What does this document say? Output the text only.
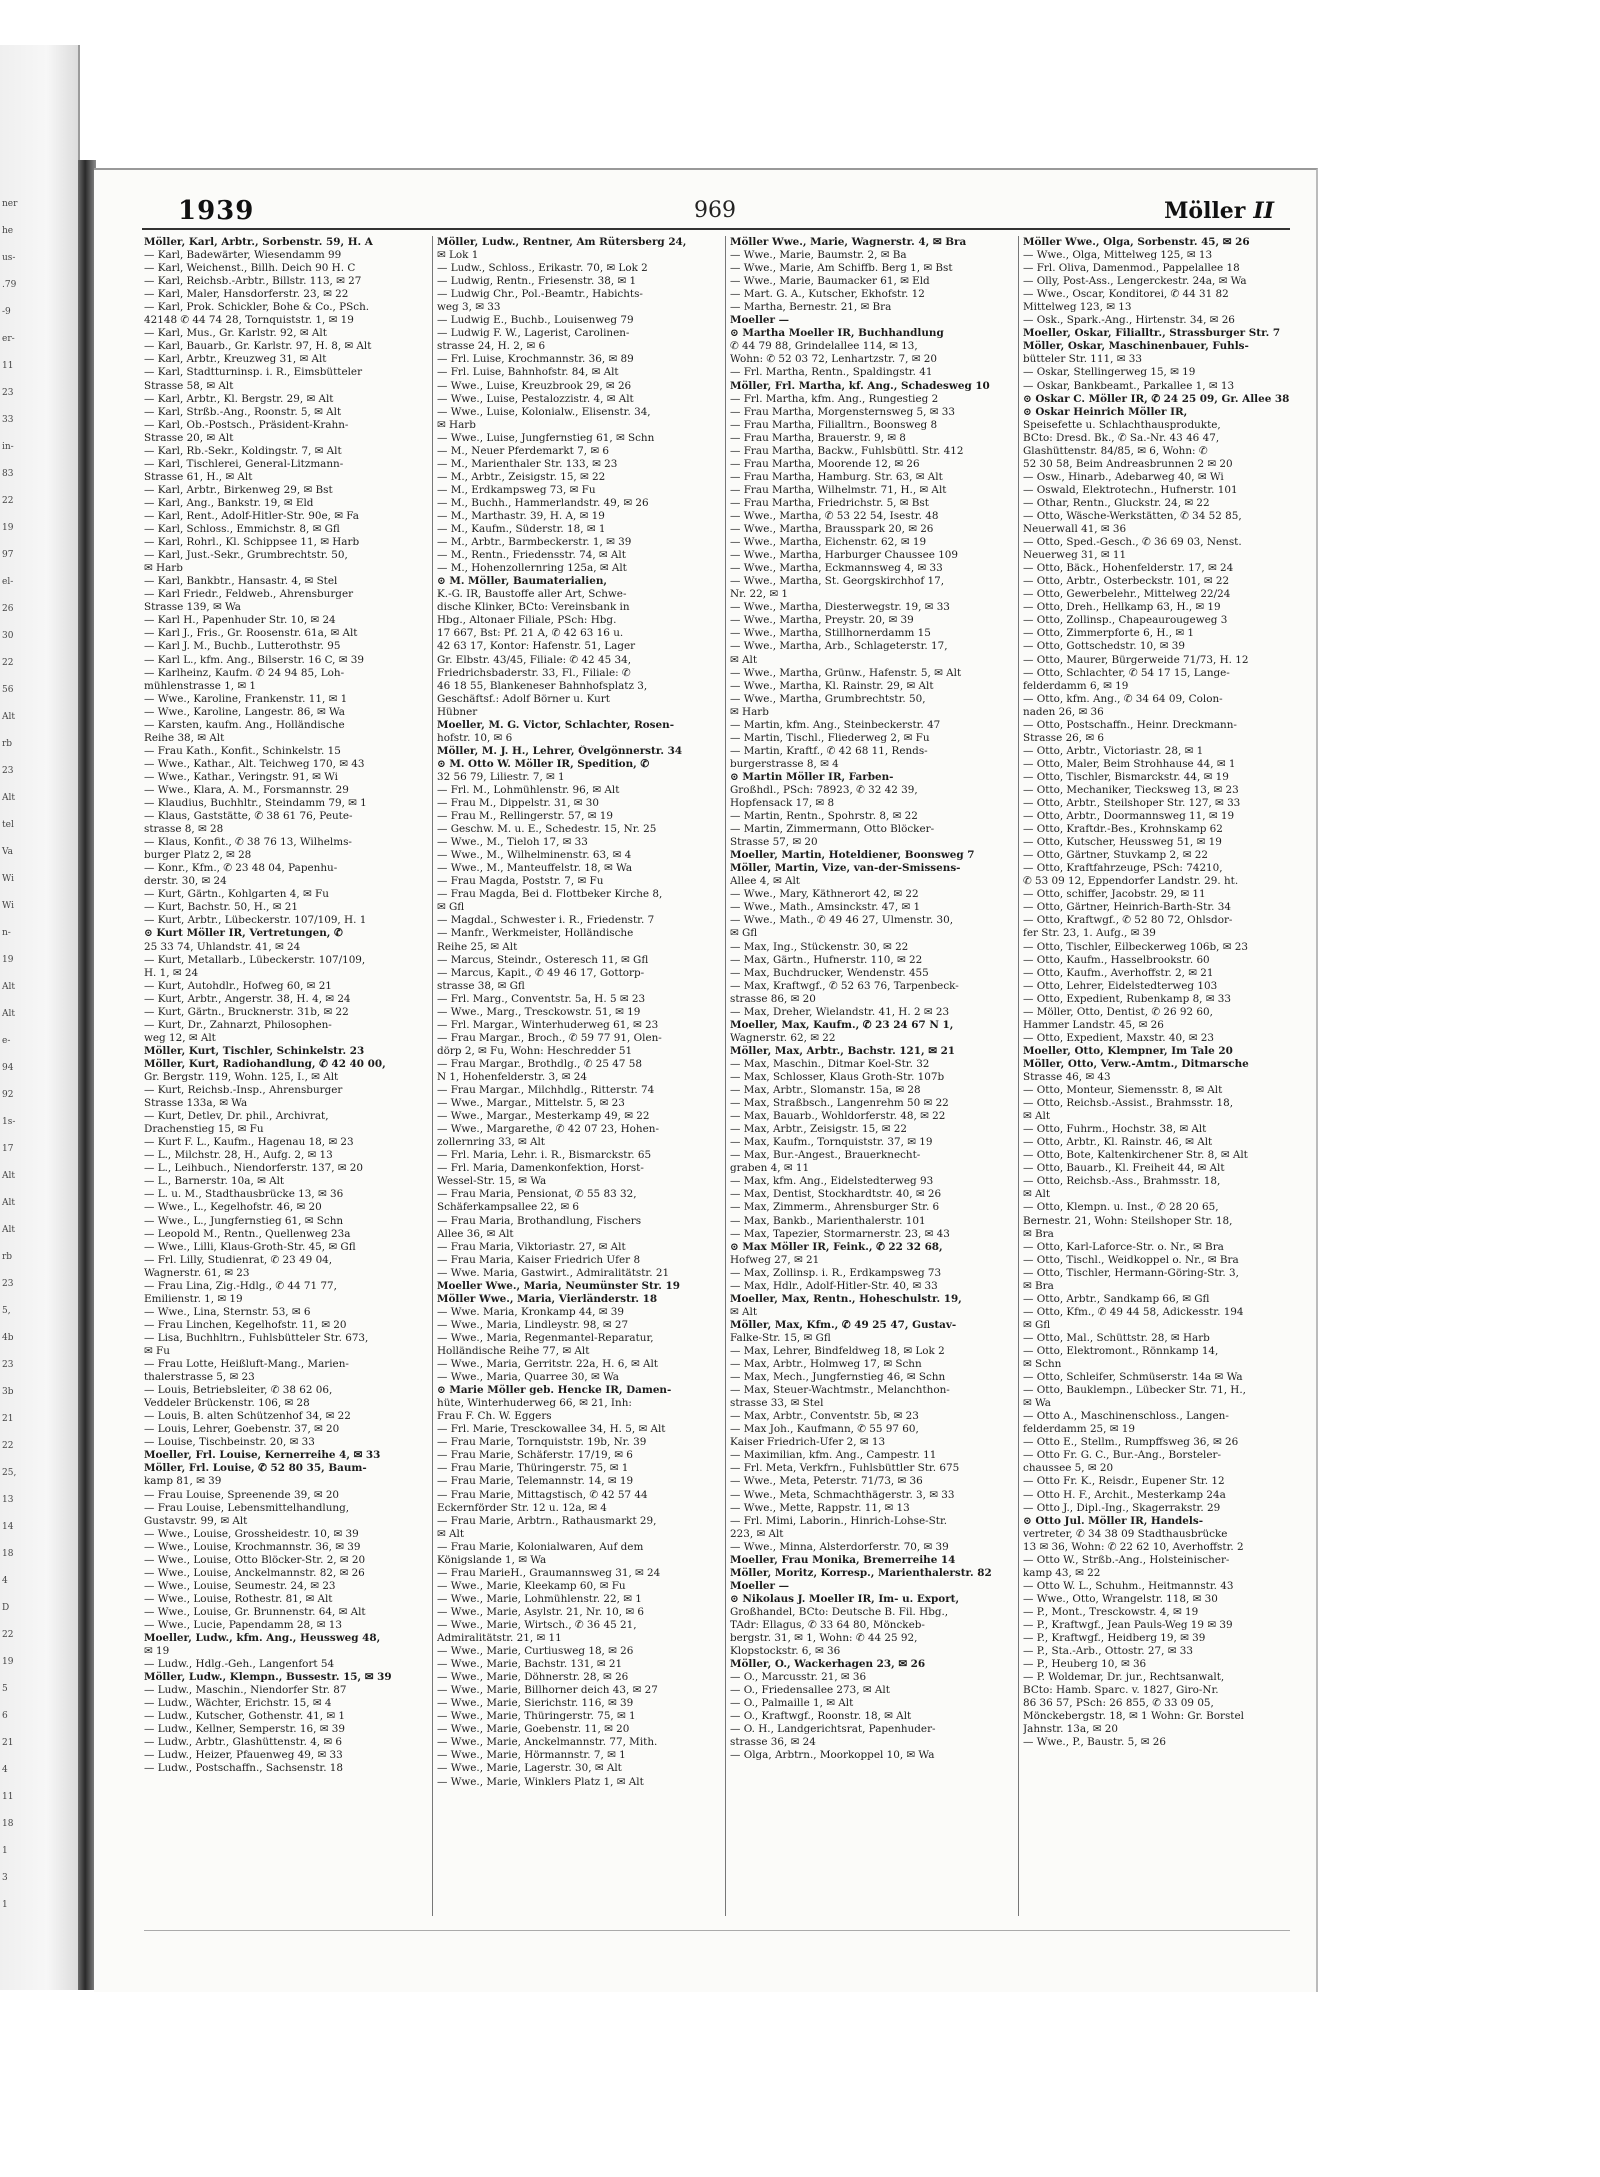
ner
he
us-
.79
-9
er-
11
23
33
in-
83
22
19
97
el-
26
30
22
56
Alt
rb
23
Alt
tel
Va
Wi
Wi
n-
19
Alt
Alt
e-
94
92
1s-
17
Alt
Alt
Alt
rb
23
5,
4b
23
3b
21
22
25,
13
14
18
4
D
22
19
5
6
21
4
11
18
1
3
1
1939	969	Möller II
Möller, Karl, Arbtr., Sorbenstr. 59, H. A
— Karl, Badewärter, Wiesendamm 99
— Karl, Weichenst., Billh. Deich 90 H. C
— Karl, Reichsb.-Arbtr., Billstr. 113, ✉ 27
— Karl, Maler, Hansdorferstr. 23, ✉ 22
— Karl, Prok. Schickler, Bohe & Co., PSch.
42148 ✆ 44 74 28, Tornquiststr. 1, ✉ 19
— Karl, Mus., Gr. Karlstr. 92, ✉ Alt
— Karl, Bauarb., Gr. Karlstr. 97, H. 8, ✉ Alt
— Karl, Arbtr., Kreuzweg 31, ✉ Alt
— Karl, Stadtturninsp. i. R., Eimsbütteler
Strasse 58, ✉ Alt
— Karl, Arbtr., Kl. Bergstr. 29, ✉ Alt
— Karl, Strßb.-Ang., Roonstr. 5, ✉ Alt
— Karl, Ob.-Postsch., Präsident-Krahn-
Strasse 20, ✉ Alt
— Karl, Rb.-Sekr., Koldingstr. 7, ✉ Alt
— Karl, Tischlerei, General-Litzmann-
Strasse 61, H., ✉ Alt
— Karl, Arbtr., Birkenweg 29, ✉ Bst
— Karl, Ang., Bankstr. 19, ✉ Eld
— Karl, Rent., Adolf-Hitler-Str. 90e, ✉ Fa
— Karl, Schloss., Emmichstr. 8, ✉ Gfl
— Karl, Rohrl., Kl. Schippsee 11, ✉ Harb
— Karl, Just.-Sekr., Grumbrechtstr. 50,
✉ Harb
— Karl, Bankbtr., Hansastr. 4, ✉ Stel
— Karl Friedr., Feldweb., Ahrensburger
Strasse 139, ✉ Wa
— Karl H., Papenhuder Str. 10, ✉ 24
— Karl J., Fris., Gr. Roosenstr. 61a, ✉ Alt
— Karl J. M., Buchb., Lutterothstr. 95
— Karl L., kfm. Ang., Bilserstr. 16 C, ✉ 39
— Karlheinz, Kaufm. ✆ 24 94 85, Loh-
mühlenstrasse 1, ✉ 1
— Wwe., Karoline, Frankenstr. 11, ✉ 1
— Wwe., Karoline, Langestr. 86, ✉ Wa
— Karsten, kaufm. Ang., Holländische
Reihe 38, ✉ Alt
— Frau Kath., Konfit., Schinkelstr. 15
— Wwe., Kathar., Alt. Teichweg 170, ✉ 43
— Wwe., Kathar., Veringstr. 91, ✉ Wi
— Wwe., Klara, A. M., Forsmannstr. 29
— Klaudius, Buchhltr., Steindamm 79, ✉ 1
— Klaus, Gaststätte, ✆ 38 61 76, Peute-
strasse 8, ✉ 28
— Klaus, Konfit., ✆ 38 76 13, Wilhelms-
burger Platz 2, ✉ 28
— Konr., Kfm., ✆ 23 48 04, Papenhu-
derstr. 30, ✉ 24
— Kurt, Gärtn., Kohlgarten 4, ✉ Fu
— Kurt, Bachstr. 50, H., ✉ 21
— Kurt, Arbtr., Lübeckerstr. 107/109, H. 1
⊙ Kurt Möller IR, Vertretungen, ✆
25 33 74, Uhlandstr. 41, ✉ 24
— Kurt, Metallarb., Lübeckerstr. 107/109,
H. 1, ✉ 24
— Kurt, Autohdlr., Hofweg 60, ✉ 21
— Kurt, Arbtr., Angerstr. 38, H. 4, ✉ 24
— Kurt, Gärtn., Brucknerstr. 31b, ✉ 22
— Kurt, Dr., Zahnarzt, Philosophen-
weg 12, ✉ Alt
Möller, Kurt, Tischler, Schinkelstr. 23
Möller, Kurt, Radiohandlung, ✆ 42 40 00,
Gr. Bergstr. 119, Wohn. 125, I., ✉ Alt
— Kurt, Reichsb.-Insp., Ahrensburger
Strasse 133a, ✉ Wa
— Kurt, Detlev, Dr. phil., Archivrat,
Drachenstieg 15, ✉ Fu
— Kurt F. L., Kaufm., Hagenau 18, ✉ 23
— L., Milchstr. 28, H., Aufg. 2, ✉ 13
— L., Leihbuch., Niendorferstr. 137, ✉ 20
— L., Barnerstr. 10a, ✉ Alt
— L. u. M., Stadthausbrücke 13, ✉ 36
— Wwe., L., Kegelhofstr. 46, ✉ 20
— Wwe., L., Jungfernstieg 61, ✉ Schn
— Leopold M., Rentn., Quellenweg 23a
— Wwe., Lilli, Klaus-Groth-Str. 45, ✉ Gfl
— Frl. Lilly, Studienrat, ✆ 23 49 04,
Wagnerstr. 61, ✉ 23
— Frau Lina, Zig.-Hdlg., ✆ 44 71 77,
Emilienstr. 1, ✉ 19
— Wwe., Lina, Sternstr. 53, ✉ 6
— Frau Linchen, Kegelhofstr. 11, ✉ 20
— Lisa, Buchhltrn., Fuhlsbütteler Str. 673,
✉ Fu
— Frau Lotte, Heißluft-Mang., Marien-
thalerstrasse 5, ✉ 23
— Louis, Betriebsleiter, ✆ 38 62 06,
Veddeler Brückenstr. 106, ✉ 28
— Louis, B. alten Schützenhof 34, ✉ 22
— Louis, Lehrer, Goebenstr. 37, ✉ 20
— Louise, Tischbeinstr. 20, ✉ 33
Moeller, Frl. Louise, Kernerreihe 4, ✉ 33
Möller, Frl. Louise, ✆ 52 80 35, Baum-
kamp 81, ✉ 39
— Frau Louise, Spreenende 39, ✉ 20
— Frau Louise, Lebensmittelhandlung,
Gustavstr. 99, ✉ Alt
— Wwe., Louise, Grossheidestr. 10, ✉ 39
— Wwe., Louise, Krochmannstr. 36, ✉ 39
— Wwe., Louise, Otto Blöcker-Str. 2, ✉ 20
— Wwe., Louise, Anckelmannstr. 82, ✉ 26
— Wwe., Louise, Seumestr. 24, ✉ 23
— Wwe., Louise, Rothestr. 81, ✉ Alt
— Wwe., Louise, Gr. Brunnenstr. 64, ✉ Alt
— Wwe., Lucie, Papendamm 28, ✉ 13
Moeller, Ludw., kfm. Ang., Heussweg 48,
✉ 19
— Ludw., Hdlg.-Geh., Langenfort 54
Möller, Ludw., Klempn., Bussestr. 15, ✉ 39
— Ludw., Maschin., Niendorfer Str. 87
— Ludw., Wächter, Erichstr. 15, ✉ 4
— Ludw., Kutscher, Gothenstr. 41, ✉ 1
— Ludw., Kellner, Semperstr. 16, ✉ 39
— Ludw., Arbtr., Glashüttenstr. 4, ✉ 6
— Ludw., Heizer, Pfauenweg 49, ✉ 33
— Ludw., Postschaffn., Sachsenstr. 18
Möller, Ludw., Rentner, Am Rütersberg 24,
✉ Lok 1
— Ludw., Schloss., Erikastr. 70, ✉ Lok 2
— Ludwig, Rentn., Friesenstr. 38, ✉ 1
— Ludwig Chr., Pol.-Beamtr., Habichts-
weg 3, ✉ 33
— Ludwig E., Buchb., Louisenweg 79
— Ludwig F. W., Lagerist, Carolinen-
strasse 24, H. 2, ✉ 6
— Frl. Luise, Krochmannstr. 36, ✉ 89
— Frl. Luise, Bahnhofstr. 84, ✉ Alt
— Wwe., Luise, Kreuzbrook 29, ✉ 26
— Wwe., Luise, Pestalozzistr. 4, ✉ Alt
— Wwe., Luise, Kolonialw., Elisenstr. 34,
✉ Harb
— Wwe., Luise, Jungfernstieg 61, ✉ Schn
— M., Neuer Pferdemarkt 7, ✉ 6
— M., Marienthaler Str. 133, ✉ 23
— M., Arbtr., Zeisigstr. 15, ✉ 22
— M., Erdkampsweg 73, ✉ Fu
— M., Buchh., Hammerlandstr. 49, ✉ 26
— M., Marthastr. 39, H. A, ✉ 19
— M., Kaufm., Süderstr. 18, ✉ 1
— M., Arbtr., Barmbeckerstr. 1, ✉ 39
— M., Rentn., Friedensstr. 74, ✉ Alt
— M., Hohenzollernring 125a, ✉ Alt
⊙ M. Möller, Baumaterialien,
K.-G. IR, Baustoffe aller Art, Schwe-
dische Klinker, BCto: Vereinsbank in
Hbg., Altonaer Filiale, PSch: Hbg.
17 667, Bst: Pf. 21 A, ✆ 42 63 16 u.
42 63 17, Kontor: Hafenstr. 51, Lager
Gr. Elbstr. 43/45, Filiale: ✆ 42 45 34,
Friedrichsbaderstr. 33, Fl., Filiale: ✆
46 18 55, Blankeneser Bahnhofsplatz 3,
Geschäftsf.: Adolf Börner u. Kurt
Hübner
Moeller, M. G. Victor, Schlachter, Rosen-
hofstr. 10, ✉ 6
Möller, M. J. H., Lehrer, Övelgönnerstr. 34
⊙ M. Otto W. Möller IR, Spedition, ✆
32 56 79, Liliestr. 7, ✉ 1
— Frl. M., Lohmühlenstr. 96, ✉ Alt
— Frau M., Dippelstr. 31, ✉ 30
— Frau M., Rellingerstr. 57, ✉ 19
— Geschw. M. u. E., Schedestr. 15, Nr. 25
— Wwe., M., Tieloh 17, ✉ 33
— Wwe., M., Wilhelminenstr. 63, ✉ 4
— Wwe., M., Manteuffelstr. 18, ✉ Wa
— Frau Magda, Poststr. 7, ✉ Fu
— Frau Magda, Bei d. Flottbeker Kirche 8,
✉ Gfl
— Magdal., Schwester i. R., Friedenstr. 7
— Manfr., Werkmeister, Holländische
Reihe 25, ✉ Alt
— Marcus, Steindr., Osteresch 11, ✉ Gfl
— Marcus, Kapit., ✆ 49 46 17, Gottorp-
strasse 38, ✉ Gfl
— Frl. Marg., Conventstr. 5a, H. 5 ✉ 23
— Wwe., Marg., Tresckowstr. 51, ✉ 19
— Frl. Margar., Winterhuderweg 61, ✉ 23
— Frau Margar., Broch., ✆ 59 77 91, Olen-
dörp 2, ✉ Fu, Wohn: Heschredder 51
— Frau Margar., Brothdlg., ✆ 25 47 58
N 1, Hohenfelderstr. 3, ✉ 24
— Frau Margar., Milchhdlg., Ritterstr. 74
— Wwe., Margar., Mittelstr. 5, ✉ 23
— Wwe., Margar., Mesterkamp 49, ✉ 22
— Wwe., Margarethe, ✆ 42 07 23, Hohen-
zollernring 33, ✉ Alt
— Frl. Maria, Lehr. i. R., Bismarckstr. 65
— Frl. Maria, Damenkonfektion, Horst-
Wessel-Str. 15, ✉ Wa
— Frau Maria, Pensionat, ✆ 55 83 32,
Schäferkampsallee 22, ✉ 6
— Frau Maria, Brothandlung, Fischers
Allee 36, ✉ Alt
— Frau Maria, Viktoriastr. 27, ✉ Alt
— Frau Maria, Kaiser Friedrich Ufer 8
— Wwe. Maria, Gastwirt., Admiralitätstr. 21
Moeller Wwe., Maria, Neumünster Str. 19
Möller Wwe., Maria, Vierländerstr. 18
— Wwe. Maria, Kronkamp 44, ✉ 39
— Wwe., Maria, Lindleystr. 98, ✉ 27
— Wwe., Maria, Regenmantel-Reparatur,
Holländische Reihe 77, ✉ Alt
— Wwe., Maria, Gerritstr. 22a, H. 6, ✉ Alt
— Wwe., Maria, Quarree 30, ✉ Wa
⊙ Marie Möller geb. Hencke IR, Damen-
hüte, Winterhuderweg 66, ✉ 21, Inh:
Frau F. Ch. W. Eggers
— Frl. Marie, Tresckowallee 34, H. 5, ✉ Alt
— Frau Marie, Tornquiststr. 19b, Nr. 39
— Frau Marie, Schäferstr. 17/19, ✉ 6
— Frau Marie, Thüringerstr. 75, ✉ 1
— Frau Marie, Telemannstr. 14, ✉ 19
— Frau Marie, Mittagstisch, ✆ 42 57 44
Eckernförder Str. 12 u. 12a, ✉ 4
— Frau Marie, Arbtrn., Rathausmarkt 29,
✉ Alt
— Frau Marie, Kolonialwaren, Auf dem
Königslande 1, ✉ Wa
— Frau MarieH., Graumannsweg 31, ✉ 24
— Wwe., Marie, Kleekamp 60, ✉ Fu
— Wwe., Marie, Lohmühlenstr. 22, ✉ 1
— Wwe., Marie, Asylstr. 21, Nr. 10, ✉ 6
— Wwe., Marie, Wirtsch., ✆ 36 45 21,
Admiralitätstr. 21, ✉ 11
— Wwe., Marie, Curtiusweg 18, ✉ 26
— Wwe., Marie, Bachstr. 131, ✉ 21
— Wwe., Marie, Döhnerstr. 28, ✉ 26
— Wwe., Marie, Billhorner deich 43, ✉ 27
— Wwe., Marie, Sierichstr. 116, ✉ 39
— Wwe., Marie, Thüringerstr. 75, ✉ 1
— Wwe., Marie, Goebenstr. 11, ✉ 20
— Wwe., Marie, Anckelmannstr. 77, Mith.
— Wwe., Marie, Hörmannstr. 7, ✉ 1
— Wwe., Marie, Lagerstr. 30, ✉ Alt
— Wwe., Marie, Winklers Platz 1, ✉ Alt
Möller Wwe., Marie, Wagnerstr. 4, ✉ Bra
— Wwe., Marie, Baumstr. 2, ✉ Ba
— Wwe., Marie, Am Schiffb. Berg 1, ✉ Bst
— Wwe., Marie, Baumacker 61, ✉ Eld
— Mart. G. A., Kutscher, Ekhofstr. 12
— Martha, Bernestr. 21, ✉ Bra
Moeller —
⊙ Martha Moeller IR, Buchhandlung
✆ 44 79 88, Grindelallee 114, ✉ 13,
Wohn: ✆ 52 03 72, Lenhartzstr. 7, ✉ 20
— Frl. Martha, Rentn., Spaldingstr. 41
Möller, Frl. Martha, kf. Ang., Schadesweg 10
— Frl. Martha, kfm. Ang., Rungestieg 2
— Frau Martha, Morgensternsweg 5, ✉ 33
— Frau Martha, Filialltrn., Boonsweg 8
— Frau Martha, Brauerstr. 9, ✉ 8
— Frau Martha, Backw., Fuhlsbüttl. Str. 412
— Frau Martha, Moorende 12, ✉ 26
— Frau Martha, Hamburg. Str. 63, ✉ Alt
— Frau Martha, Wilhelmstr. 71, H., ✉ Alt
— Frau Martha, Friedrichstr. 5, ✉ Bst
— Wwe., Martha, ✆ 53 22 54, Isestr. 48
— Wwe., Martha, Brausspark 20, ✉ 26
— Wwe., Martha, Eichenstr. 62, ✉ 19
— Wwe., Martha, Harburger Chaussee 109
— Wwe., Martha, Eckmannsweg 4, ✉ 33
— Wwe., Martha, St. Georgskirchhof 17,
Nr. 22, ✉ 1
— Wwe., Martha, Diesterwegstr. 19, ✉ 33
— Wwe., Martha, Preystr. 20, ✉ 39
— Wwe., Martha, Stillhornerdamm 15
— Wwe., Martha, Arb., Schlageterstr. 17,
✉ Alt
— Wwe., Martha, Grünw., Hafenstr. 5, ✉ Alt
— Wwe., Martha, Kl. Rainstr. 29, ✉ Alt
— Wwe., Martha, Grumbrechtstr. 50,
✉ Harb
— Martin, kfm. Ang., Steinbeckerstr. 47
— Martin, Tischl., Fliederweg 2, ✉ Fu
— Martin, Kraftf., ✆ 42 68 11, Rends-
burgerstrasse 8, ✉ 4
⊙ Martin Möller IR, Farben-
Großhdl., PSch: 78923, ✆ 32 42 39,
Hopfensack 17, ✉ 8
— Martin, Rentn., Spohrstr. 8, ✉ 22
— Martin, Zimmermann, Otto Blöcker-
Strasse 57, ✉ 20
Moeller, Martin, Hoteldiener, Boonsweg 7
Möller, Martin, Vize, van-der-Smissens-
Allee 4, ✉ Alt
— Wwe., Mary, Käthnerort 42, ✉ 22
— Wwe., Math., Amsinckstr. 47, ✉ 1
— Wwe., Math., ✆ 49 46 27, Ulmenstr. 30,
✉ Gfl
— Max, Ing., Stückenstr. 30, ✉ 22
— Max, Gärtn., Hufnerstr. 110, ✉ 22
— Max, Buchdrucker, Wendenstr. 455
— Max, Kraftwgf., ✆ 52 63 76, Tarpenbeck-
strasse 86, ✉ 20
— Max, Dreher, Wielandstr. 41, H. 2 ✉ 23
Moeller, Max, Kaufm., ✆ 23 24 67 N 1,
Wagnerstr. 62, ✉ 22
Möller, Max, Arbtr., Bachstr. 121, ✉ 21
— Max, Maschin., Ditmar Koel-Str. 32
— Max, Schlosser, Klaus Groth-Str. 107b
— Max, Arbtr., Slomanstr. 15a, ✉ 28
— Max, Straßbsch., Langenrehm 50 ✉ 22
— Max, Bauarb., Wohldorferstr. 48, ✉ 22
— Max, Arbtr., Zeisigstr. 15, ✉ 22
— Max, Kaufm., Tornquiststr. 37, ✉ 19
— Max, Bur.-Angest., Brauerknecht-
graben 4, ✉ 11
— Max, kfm. Ang., Eidelstedterweg 93
— Max, Dentist, Stockhardtstr. 40, ✉ 26
— Max, Zimmerm., Ahrensburger Str. 6
— Max, Bankb., Marienthalerstr. 101
— Max, Tapezier, Stormarnerstr. 23, ✉ 43
⊙ Max Möller IR, Feink., ✆ 22 32 68,
Hofweg 27, ✉ 21
— Max, Zollinsp. i. R., Erdkampsweg 73
— Max, Hdlr., Adolf-Hitler-Str. 40, ✉ 33
Moeller, Max, Rentn., Hoheschulstr. 19,
✉ Alt
Möller, Max, Kfm., ✆ 49 25 47, Gustav-
Falke-Str. 15, ✉ Gfl
— Max, Lehrer, Bindfeldweg 18, ✉ Lok 2
— Max, Arbtr., Holmweg 17, ✉ Schn
— Max, Mech., Jungfernstieg 46, ✉ Schn
— Max, Steuer-Wachtmstr., Melanchthon-
strasse 33, ✉ Stel
— Max, Arbtr., Conventstr. 5b, ✉ 23
— Max Joh., Kaufmann, ✆ 55 97 60,
Kaiser Friedrich-Ufer 2, ✉ 13
— Maximilian, kfm. Ang., Campestr. 11
— Frl. Meta, Verkfrn., Fuhlsbüttler Str. 675
— Wwe., Meta, Peterstr. 71/73, ✉ 36
— Wwe., Meta, Schmachthägerstr. 3, ✉ 33
— Wwe., Mette, Rappstr. 11, ✉ 13
— Frl. Mimi, Laborin., Hinrich-Lohse-Str.
223, ✉ Alt
— Wwe., Minna, Alsterdorferstr. 70, ✉ 39
Moeller, Frau Monika, Bremerreihe 14
Möller, Moritz, Korresp., Marienthalerstr. 82
Moeller —
⊙ Nikolaus J. Moeller IR, Im- u. Export,
Großhandel, BCto: Deutsche B. Fil. Hbg.,
TAdr: Ellagus, ✆ 33 64 80, Mönckeb-
bergstr. 31, ✉ 1, Wohn: ✆ 44 25 92,
Klopstockstr. 6, ✉ 36
Möller, O., Wackerhagen 23, ✉ 26
— O., Marcusstr. 21, ✉ 36
— O., Friedensallee 273, ✉ Alt
— O., Palmaille 1, ✉ Alt
— O., Kraftwgf., Roonstr. 18, ✉ Alt
— O. H., Landgerichtsrat, Papenhuder-
strasse 36, ✉ 24
— Olga, Arbtrn., Moorkoppel 10, ✉ Wa
Möller Wwe., Olga, Sorbenstr. 45, ✉ 26
— Wwe., Olga, Mittelweg 125, ✉ 13
— Frl. Oliva, Damenmod., Pappelallee 18
— Olly, Post-Ass., Lengerckestr. 24a, ✉ Wa
— Wwe., Oscar, Konditorei, ✆ 44 31 82
Mittelweg 123, ✉ 13
— Osk., Spark.-Ang., Hirtenstr. 34, ✉ 26
Moeller, Oskar, Filialltr., Strassburger Str. 7
Möller, Oskar, Maschinenbauer, Fuhls-
bütteler Str. 111, ✉ 33
— Oskar, Stellingerweg 15, ✉ 19
— Oskar, Bankbeamt., Parkallee 1, ✉ 13
⊙ Oskar C. Möller IR, ✆ 24 25 09, Gr. Allee 38
⊙ Oskar Heinrich Möller IR,
Speisefette u. Schlachthausprodukte,
BCto: Dresd. Bk., ✆ Sa.-Nr. 43 46 47,
Glashüttenstr. 84/85, ✉ 6, Wohn: ✆
52 30 58, Beim Andreasbrunnen 2 ✉ 20
— Osw., Hinarb., Adebarweg 40, ✉ Wi
— Oswald, Elektrotechn., Hufnerstr. 101
— Othar, Rentn., Gluckstr. 24, ✉ 22
— Otto, Wäsche-Werkstätten, ✆ 34 52 85,
Neuerwall 41, ✉ 36
— Otto, Sped.-Gesch., ✆ 36 69 03, Nenst.
Neuerweg 31, ✉ 11
— Otto, Bäck., Hohenfelderstr. 17, ✉ 24
— Otto, Arbtr., Osterbeckstr. 101, ✉ 22
— Otto, Gewerbelehr., Mittelweg 22/24
— Otto, Dreh., Hellkamp 63, H., ✉ 19
— Otto, Zollinsp., Chapeaurougeweg 3
— Otto, Zimmerpforte 6, H., ✉ 1
— Otto, Gottschedstr. 10, ✉ 39
— Otto, Maurer, Bürgerweide 71/73, H. 12
— Otto, Schlachter, ✆ 54 17 15, Lange-
felderdamm 6, ✉ 19
— Otto, kfm. Ang., ✆ 34 64 09, Colon-
naden 26, ✉ 36
— Otto, Postschaffn., Heinr. Dreckmann-
Strasse 26, ✉ 6
— Otto, Arbtr., Victoriastr. 28, ✉ 1
— Otto, Maler, Beim Strohhause 44, ✉ 1
— Otto, Tischler, Bismarckstr. 44, ✉ 19
— Otto, Mechaniker, Tiecksweg 13, ✉ 23
— Otto, Arbtr., Steilshoper Str. 127, ✉ 33
— Otto, Arbtr., Doormannsweg 11, ✉ 19
— Otto, Kraftdr.-Bes., Krohnskamp 62
— Otto, Kutscher, Heussweg 51, ✉ 19
— Otto, Gärtner, Stuvkamp 2, ✉ 22
— Otto, Kraftfahrzeuge, PSch: 74210,
✆ 53 09 12, Eppendorfer Landstr. 29. ht.
— Otto, schiffer, Jacobstr. 29, ✉ 11
— Otto, Gärtner, Heinrich-Barth-Str. 34
— Otto, Kraftwgf., ✆ 52 80 72, Ohlsdor-
fer Str. 23, 1. Aufg., ✉ 39
— Otto, Tischler, Eilbeckerweg 106b, ✉ 23
— Otto, Kaufm., Hasselbrookstr. 60
— Otto, Kaufm., Averhoffstr. 2, ✉ 21
— Otto, Lehrer, Eidelstedterweg 103
— Otto, Expedient, Rubenkamp 8, ✉ 33
— Möller, Otto, Dentist, ✆ 26 92 60,
Hammer Landstr. 45, ✉ 26
— Otto, Expedient, Maxstr. 40, ✉ 23
Moeller, Otto, Klempner, Im Tale 20
Möller, Otto, Verw.-Amtm., Ditmarsche
Strasse 46, ✉ 43
— Otto, Monteur, Siemensstr. 8, ✉ Alt
— Otto, Reichsb.-Assist., Brahmsstr. 18,
✉ Alt
— Otto, Fuhrm., Hochstr. 38, ✉ Alt
— Otto, Arbtr., Kl. Rainstr. 46, ✉ Alt
— Otto, Bote, Kaltenkirchener Str. 8, ✉ Alt
— Otto, Bauarb., Kl. Freiheit 44, ✉ Alt
— Otto, Reichsb.-Ass., Brahmsstr. 18,
✉ Alt
— Otto, Klempn. u. Inst., ✆ 28 20 65,
Bernestr. 21, Wohn: Steilshoper Str. 18,
✉ Bra
— Otto, Karl-Laforce-Str. o. Nr., ✉ Bra
— Otto, Tischl., Weidkoppel o. Nr., ✉ Bra
— Otto, Tischler, Hermann-Göring-Str. 3,
✉ Bra
— Otto, Arbtr., Sandkamp 66, ✉ Gfl
— Otto, Kfm., ✆ 49 44 58, Adickesstr. 194
✉ Gfl
— Otto, Mal., Schüttstr. 28, ✉ Harb
— Otto, Elektromont., Rönnkamp 14,
✉ Schn
— Otto, Schleifer, Schmüserstr. 14a ✉ Wa
— Otto, Bauklempn., Lübecker Str. 71, H.,
✉ Wa
— Otto A., Maschinenschloss., Langen-
felderdamm 25, ✉ 19
— Otto E., Stellm., Rumpffsweg 36, ✉ 26
— Otto Fr. G. C., Bur.-Ang., Borsteler-
chaussee 5, ✉ 20
— Otto Fr. K., Reisdr., Eupener Str. 12
— Otto H. F., Archit., Mesterkamp 24a
— Otto J., Dipl.-Ing., Skagerrakstr. 29
⊙ Otto Jul. Möller IR, Handels-
vertreter, ✆ 34 38 09 Stadthausbrücke
13 ✉ 36, Wohn: ✆ 22 62 10, Averhoffstr. 2
— Otto W., Strßb.-Ang., Holsteinischer-
kamp 43, ✉ 22
— Otto W. L., Schuhm., Heitmannstr. 43
— Wwe., Otto, Wrangelstr. 118, ✉ 30
— P., Mont., Tresckowstr. 4, ✉ 19
— P., Kraftwgf., Jean Pauls-Weg 19 ✉ 39
— P., Kraftwgf., Heidberg 19, ✉ 39
— P., Sta.-Arb., Ottostr. 27, ✉ 33
— P., Heuberg 10, ✉ 36
— P. Woldemar, Dr. jur., Rechtsanwalt,
BCto: Hamb. Sparc. v. 1827, Giro-Nr.
86 36 57, PSch: 26 855, ✆ 33 09 05,
Mönckebergstr. 18, ✉ 1 Wohn: Gr. Borstel
Jahnstr. 13a, ✉ 20
— Wwe., P., Baustr. 5, ✉ 26
